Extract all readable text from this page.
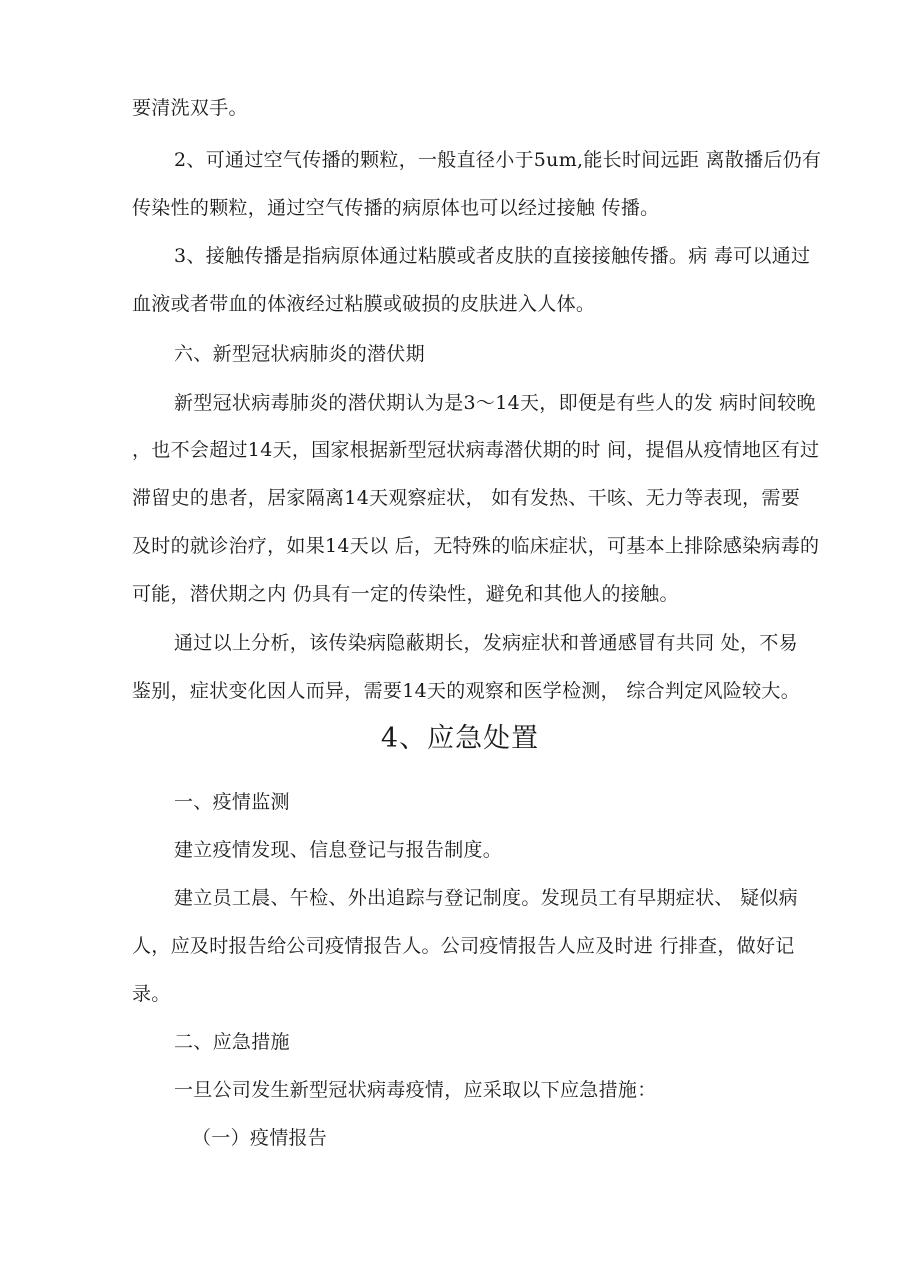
要清洗双手。
2、可通过空气传播的颗粒，一般直径小于5um,能长时间远距 离散播后仍有
传染性的颗粒，通过空气传播的病原体也可以经过接触 传播。
3、接触传播是指病原体通过粘膜或者皮肤的直接接触传播。病 毒可以通过
血液或者带血的体液经过粘膜或破损的皮肤进入人体。
六、新型冠状病肺炎的潜伏期
新型冠状病毒肺炎的潜伏期认为是3～14天，即便是有些人的发 病时间较晚
，也不会超过14天，国家根据新型冠状病毒潜伏期的时 间，提倡从疫情地区有过
滞留史的患者，居家隔离14天观察症状， 如有发热、干咳、无力等表现，需要
及时的就诊治疗，如果14天以 后，无特殊的临床症状，可基本上排除感染病毒的
可能，潜伏期之内 仍具有一定的传染性，避免和其他人的接触。
通过以上分析，该传染病隐蔽期长，发病症状和普通感冒有共同 处，不易
鉴别，症状变化因人而异，需要14天的观察和医学检测， 综合判定风险较大。
4、应急处置
一、疫情监测
建立疫情发现、信息登记与报告制度。
建立员工晨、午检、外出追踪与登记制度。发现员工有早期症状、 疑似病
人，应及时报告给公司疫情报告人。公司疫情报告人应及时进 行排查，做好记
录。
二、应急措施
一旦公司发生新型冠状病毒疫情，应采取以下应急措施：
（一）疫情报告
